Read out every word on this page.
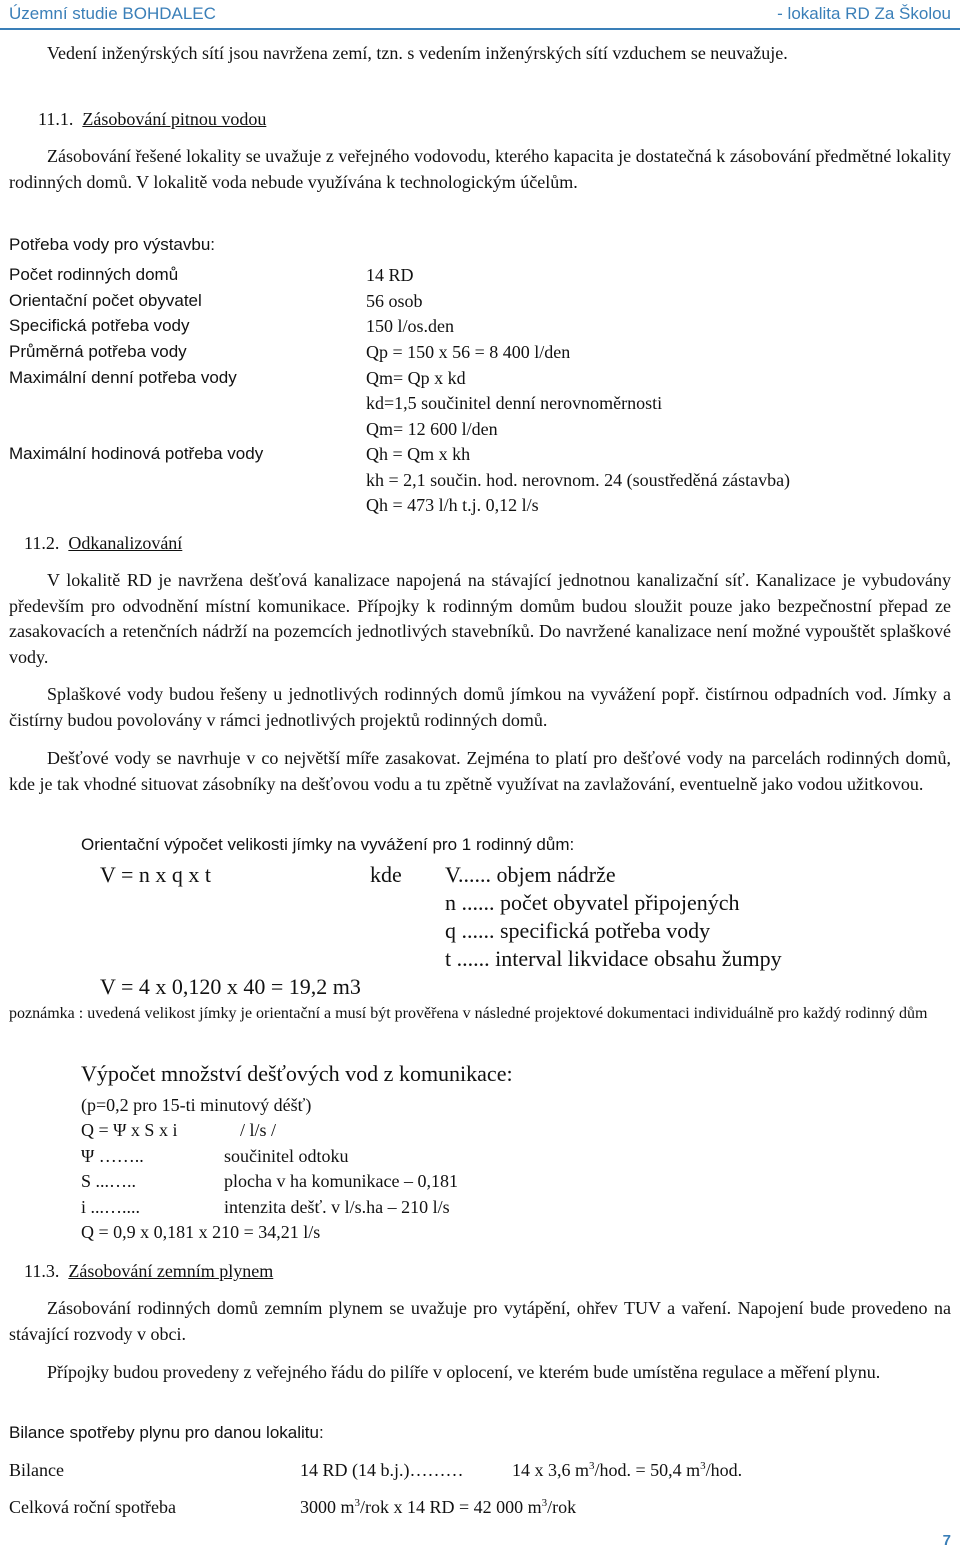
Územní studie BOHDALEC	- lokalita RD Za Školou
Vedení inženýrských sítí jsou navržena zemí, tzn. s vedením inženýrských sítí vzduchem se neuvažuje.
11.1. Zásobování pitnou vodou
Zásobování řešené lokality se uvažuje z veřejného vodovodu, kterého kapacita je dostatečná k zásobování předmětné lokality rodinných domů. V lokalitě voda nebude využívána k technologickým účelům.
Potřeba vody pro výstavbu:
Počet rodinných domů	14 RD
Orientační počet obyvatel	56 osob
Specifická potřeba vody	150 l/os.den
Průměrná potřeba vody	Qp = 150 x 56 = 8 400 l/den
Maximální denní potřeba vody	Qm= Qp x kd
kd=1,5 součinitel denní nerovnoměrnosti
Qm= 12 600 l/den
Maximální hodinová potřeba vody	Qh = Qm x kh
kh = 2,1 součin. hod. nerovnom. 24 (soustředěná zástavba)
Qh = 473 l/h t.j. 0,12 l/s
11.2. Odkanalizování
V lokalitě RD je navržena dešťová kanalizace napojená na stávající jednotnou kanalizační síť. Kanalizace je vybudovány především pro odvodnění místní komunikace. Přípojky k rodinným domům budou sloužit pouze jako bezpečnostní přepad ze zasakovacích a retenčních nádrží na pozemcích jednotlivých stavebníků. Do navržené kanalizace není možné vypouštět splaškové vody.
Splaškové vody budou řešeny u jednotlivých rodinných domů jímkou na vyvážení popř. čistírnou odpadních vod. Jímky a čistírny budou povolovány v rámci jednotlivých projektů rodinných domů.
Dešťové vody se navrhuje v co největší míře zasakovat. Zejména to platí pro dešťové vody na parcelách rodinných domů, kde je tak vhodné situovat zásobníky na dešťovou vodu a tu zpětně využívat na zavlažování, eventuelně jako vodou užitkovou.
Orientační výpočet velikosti jímky na vyvážení pro 1 rodinný dům:
V = n x q x t	kde V...... objem nádrže
n ...... počet obyvatel připojených
q ...... specifická potřeba vody
t ...... interval likvidace obsahu žumpy
V = 4 x 0,120 x 40 = 19,2 m3
poznámka : uvedená velikost jímky je orientační a musí být prověřena v následné projektové dokumentaci individuálně pro každý rodinný dům
Výpočet množství dešťových vod z komunikace:
(p=0,2 pro 15-ti minutový déšť)
Q = Ψ x S x i	/ l/s /
Ψ ……..	součinitel odtoku
S ...…..	plocha v ha komunikace – 0,181
i ...…....	intenzita dešť. v l/s.ha – 210 l/s
Q = 0,9 x 0,181 x 210 = 34,21 l/s
11.3. Zásobování zemním plynem
Zásobování rodinných domů zemním plynem se uvažuje pro vytápění, ohřev TUV a vaření. Napojení bude provedeno na stávající rozvody v obci.
Přípojky budou provedeny z veřejného řádu do pilíře v oplocení, ve kterém bude umístěna regulace a měření plynu.
Bilance spotřeby plynu pro danou lokalitu:
Bilance	14 RD (14 b.j.)………	14 x 3,6 $m^3$/hod. = 50,4 $m^3$/hod.
Celková roční spotřeba	3000 $m^3$/rok x 14 RD = 42 000 $m^3$/rok
7
